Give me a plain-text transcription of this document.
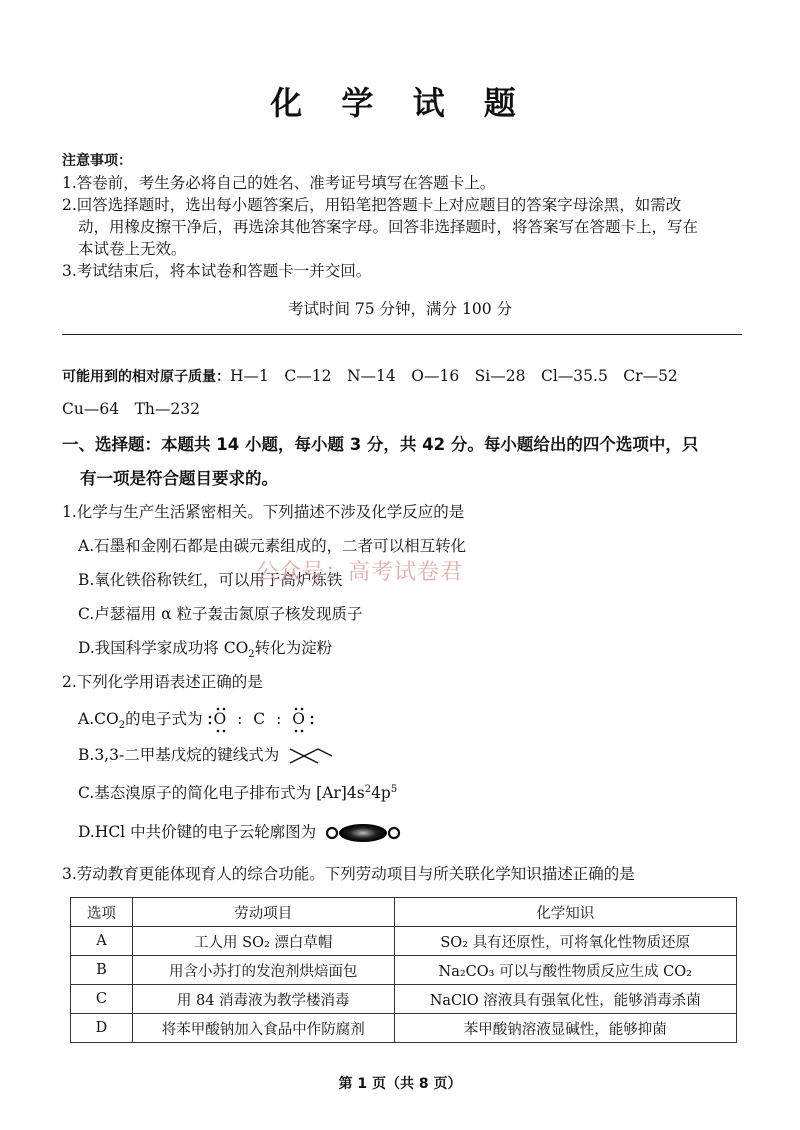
化 学 试 题
注意事项：
1.答卷前，考生务必将自己的姓名、准考证号填写在答题卡上。
2.回答选择题时，选出每小题答案后，用铅笔把答题卡上对应题目的答案字母涂黑，如需改
动，用橡皮擦干净后，再选涂其他答案字母。回答非选择题时，将答案写在答题卡上，写在
本试卷上无效。
3.考试结束后，将本试卷和答题卡一并交回。
考试时间 75 分钟，满分 100 分
可能用到的相对原子质量：H—1　C—12　N—14　O—16　Si—28　Cl—35.5　Cr—52
Cu—64　Th—232
一、选择题：本题共 14 小题，每小题 3 分，共 42 分。每小题给出的四个选项中，只
有一项是符合题目要求的。
1.化学与生产生活紧密相关。下列描述不涉及化学反应的是
A.石墨和金刚石都是由碳元素组成的，二者可以相互转化
B.氧化铁俗称铁红，可以用于高炉炼铁
C.卢瑟福用 α 粒子轰击氮原子核发现质子
D.我国科学家成功将 $CO_2$转化为淀粉
公众号：高考试卷君
2.下列化学用语表述正确的是
$A.CO_2$的电子式为 O : C : O
B.3,3-二甲基戊烷的键线式为
C.基态溴原子的简化电子排布式为 $[Ar]4s^24p^5$
D.HCl 中共价键的电子云轮廓图为
3.劳动教育更能体现育人的综合功能。下列劳动项目与所关联化学知识描述正确的是
选项	劳动项目	化学知识
A	工人用 SO₂ 漂白草帽	SO₂ 具有还原性，可将氧化性物质还原
B	用含小苏打的发泡剂烘焙面包	Na₂CO₃ 可以与酸性物质反应生成 CO₂
C	用 84 消毒液为教学楼消毒	NaClO 溶液具有强氧化性，能够消毒杀菌
D	将苯甲酸钠加入食品中作防腐剂	苯甲酸钠溶液显碱性，能够抑菌
第 1 页（共 8 页）
